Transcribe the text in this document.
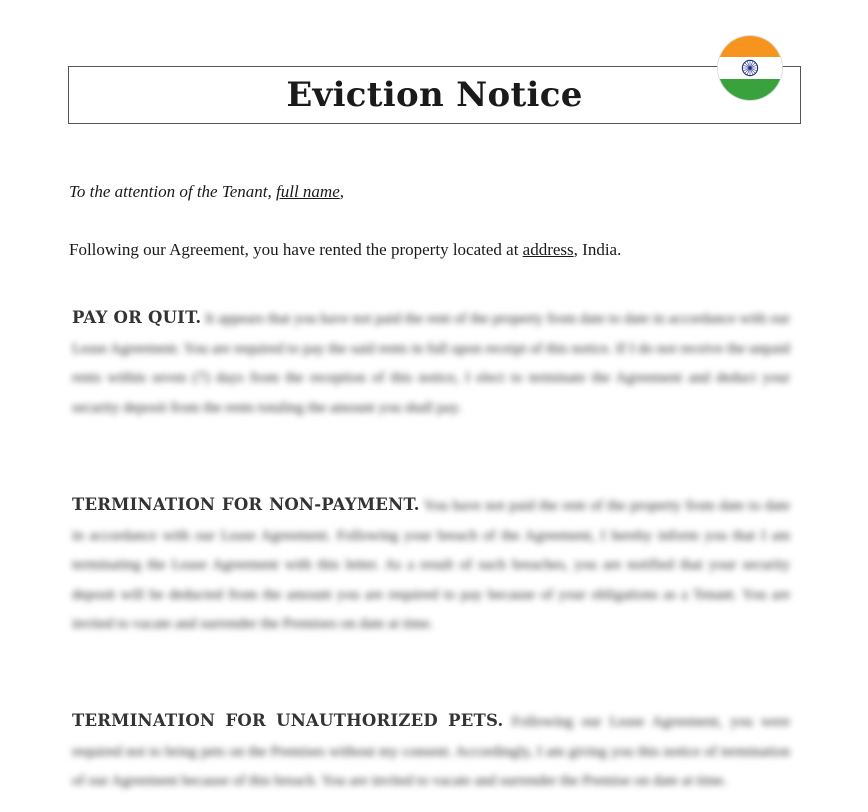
Eviction Notice
To the attention of the Tenant, full name,
Following our Agreement, you have rented the property located at address, India.
PAY OR QUIT. It appears that you have not paid the rent of the property from date to date in accordance with our Lease Agreement. You are required to pay the said rents in full upon receipt of this notice. If I do not receive the unpaid rents within seven (7) days from the reception of this notice, I elect to terminate the Agreement and deduct your security deposit from the rents totaling the amount you shall pay.
TERMINATION FOR NON-PAYMENT. You have not paid the rent of the property from date to date in accordance with our Lease Agreement. Following your breach of the Agreement, I hereby inform you that I am terminating the Lease Agreement with this letter. As a result of such breaches, you are notified that your security deposit will be deducted from the amount you are required to pay because of your obligations as a Tenant. You are invited to vacate and surrender the Premises on date at time.
TERMINATION FOR UNAUTHORIZED PETS. Following our Lease Agreement, you were required not to bring pets on the Premises without my consent. Accordingly, I am giving you this notice of termination of our Agreement because of this breach. You are invited to vacate and surrender the Premise on date at time.
